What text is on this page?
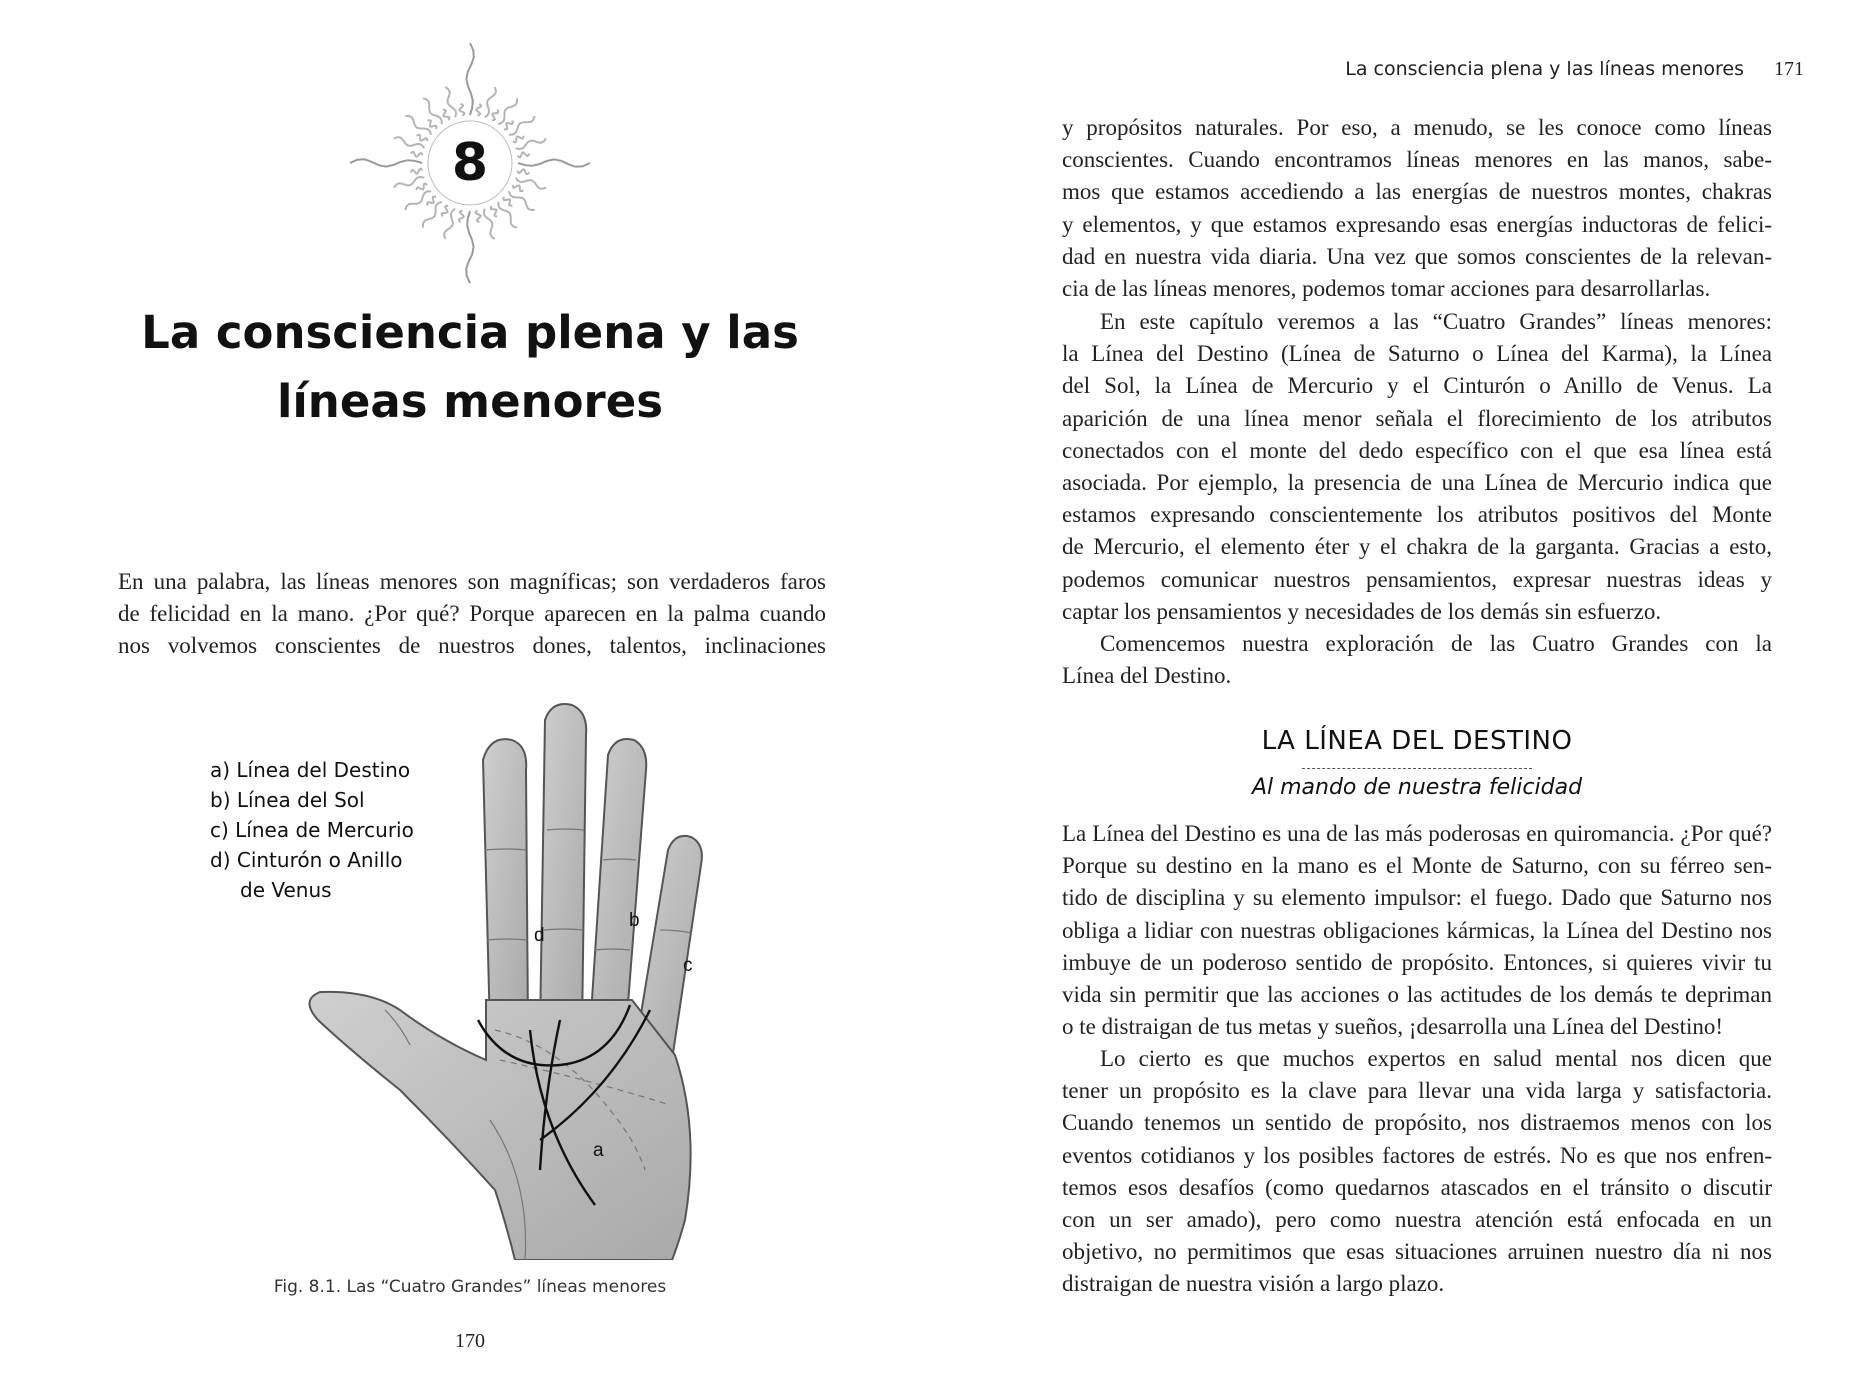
8
La consciencia plena y las
líneas menores

En una palabra, las líneas menores son magníficas; son verdaderos faros
de felicidad en la mano. ¿Por qué? Porque aparecen en la palma cuando
nos volvemos conscientes de nuestros dones, talentos, inclinaciones

a) Línea del Destino
b) Línea del Sol
c) Línea de Mercurio
d) Cinturón o Anillo
de Venus
a
b
c
d
Fig. 8.1. Las “Cuatro Grandes” líneas menores
170
La consciencia plena y las líneas menores 171

y propósitos naturales. Por eso, a menudo, se les conoce como líneas
conscientes. Cuando encontramos líneas menores en las manos, sabe-
mos que estamos accediendo a las energías de nuestros montes, chakras
y elementos, y que estamos expresando esas energías inductoras de felici-
dad en nuestra vida diaria. Una vez que somos conscientes de la relevan-
cia de las líneas menores, podemos tomar acciones para desarrollarlas.

En este capítulo veremos a las “Cuatro Grandes” líneas menores:
la Línea del Destino (Línea de Saturno o Línea del Karma), la Línea
del Sol, la Línea de Mercurio y el Cinturón o Anillo de Venus. La
aparición de una línea menor señala el florecimiento de los atributos
conectados con el monte del dedo específico con el que esa línea está
asociada. Por ejemplo, la presencia de una Línea de Mercurio indica que
estamos expresando conscientemente los atributos positivos del Monte
de Mercurio, el elemento éter y el chakra de la garganta. Gracias a esto,
podemos comunicar nuestros pensamientos, expresar nuestras ideas y
captar los pensamientos y necesidades de los demás sin esfuerzo.

Comencemos nuestra exploración de las Cuatro Grandes con la
Línea del Destino.

LA LÍNEA DEL DESTINO
Al mando de nuestra felicidad

La Línea del Destino es una de las más poderosas en quiromancia. ¿Por qué?
Porque su destino en la mano es el Monte de Saturno, con su férreo sen-
tido de disciplina y su elemento impulsor: el fuego. Dado que Saturno nos
obliga a lidiar con nuestras obligaciones kármicas, la Línea del Destino nos
imbuye de un poderoso sentido de propósito. Entonces, si quieres vivir tu
vida sin permitir que las acciones o las actitudes de los demás te depriman
o te distraigan de tus metas y sueños, ¡desarrolla una Línea del Destino!

Lo cierto es que muchos expertos en salud mental nos dicen que
tener un propósito es la clave para llevar una vida larga y satisfactoria.
Cuando tenemos un sentido de propósito, nos distraemos menos con los
eventos cotidianos y los posibles factores de estrés. No es que nos enfren-
temos esos desafíos (como quedarnos atascados en el tránsito o discutir
con un ser amado), pero como nuestra atención está enfocada en un
objetivo, no permitimos que esas situaciones arruinen nuestro día ni nos
distraigan de nuestra visión a largo plazo.
